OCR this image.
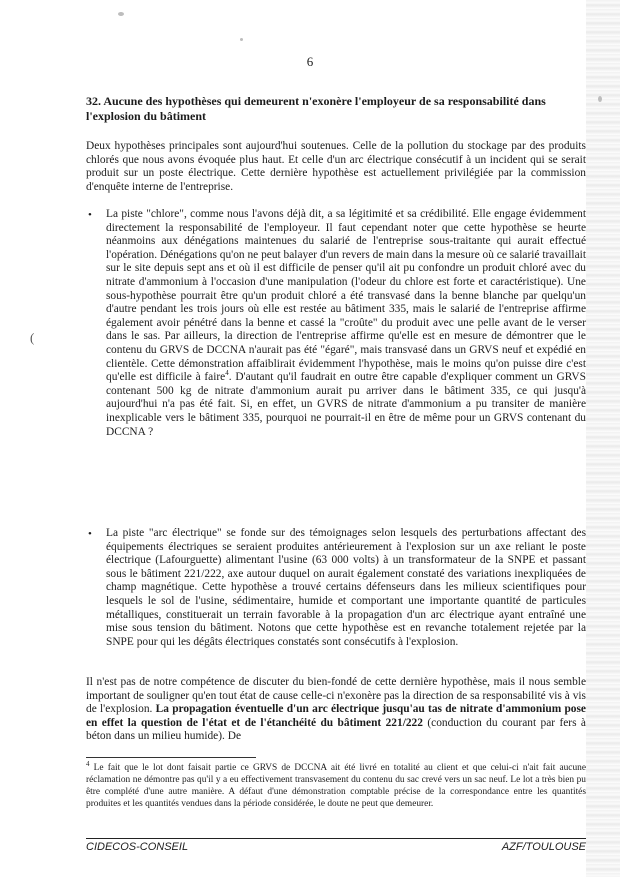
6
32. Aucune des hypothèses qui demeurent n'exonère l'employeur de sa responsabilité dans l'explosion du bâtiment
Deux hypothèses principales sont aujourd'hui soutenues. Celle de la pollution du stockage par des produits chlorés que nous avons évoquée plus haut. Et celle d'un arc électrique consécutif à un incident qui se serait produit sur un poste électrique. Cette dernière hypothèse est actuellement privilégiée par la commission d'enquête interne de l'entreprise.
• La piste "chlore", comme nous l'avons déjà dit, a sa légitimité et sa crédibilité. Elle engage évidemment directement la responsabilité de l'employeur. Il faut cependant noter que cette hypothèse se heurte néanmoins aux dénégations maintenues du salarié de l'entreprise sous-traitante qui aurait effectué l'opération. Dénégations qu'on ne peut balayer d'un revers de main dans la mesure où ce salarié travaillait sur le site depuis sept ans et où il est difficile de penser qu'il ait pu confondre un produit chloré avec du nitrate d'ammonium à l'occasion d'une manipulation (l'odeur du chlore est forte et caractéristique). Une sous-hypothèse pourrait être qu'un produit chloré a été transvasé dans la benne blanche par quelqu'un d'autre pendant les trois jours où elle est restée au bâtiment 335, mais le salarié de l'entreprise affirme également avoir pénétré dans la benne et cassé la "croûte" du produit avec une pelle avant de le verser dans le sas. Par ailleurs, la direction de l'entreprise affirme qu'elle est en mesure de démontrer que le contenu du GRVS de DCCNA n'aurait pas été "égaré", mais transvasé dans un GRVS neuf et expédié en clientèle. Cette démonstration affaiblirait évidemment l'hypothèse, mais le moins qu'on puisse dire c'est qu'elle est difficile à faire$^4$. D'autant qu'il faudrait en outre être capable d'expliquer comment un GRVS contenant 500 kg de nitrate d'ammonium aurait pu arriver dans le bâtiment 335, ce qui jusqu'à aujourd'hui n'a pas été fait. Si, en effet, un GVRS de nitrate d'ammonium a pu transiter de manière inexplicable vers le bâtiment 335, pourquoi ne pourrait-il en être de même pour un GRVS contenant du DCCNA ?
• La piste "arc électrique" se fonde sur des témoignages selon lesquels des perturbations affectant des équipements électriques se seraient produites antérieurement à l'explosion sur un axe reliant le poste électrique (Lafourguette) alimentant l'usine (63 000 volts) à un transformateur de la SNPE et passant sous le bâtiment 221/222, axe autour duquel on aurait également constaté des variations inexpliquées de champ magnétique. Cette hypothèse a trouvé certains défenseurs dans les milieux scientifiques pour lesquels le sol de l'usine, sédimentaire, humide et comportant une importante quantité de particules métalliques, constituerait un terrain favorable à la propagation d'un arc électrique ayant entraîné une mise sous tension du bâtiment. Notons que cette hypothèse est en revanche totalement rejetée par la SNPE pour qui les dégâts électriques constatés sont consécutifs à l'explosion.
Il n'est pas de notre compétence de discuter du bien-fondé de cette dernière hypothèse, mais il nous semble important de souligner qu'en tout état de cause celle-ci n'exonère pas la direction de sa responsabilité vis à vis de l'explosion. La propagation éventuelle d'un arc électrique jusqu'au tas de nitrate d'ammonium pose en effet la question de l'état et de l'étanchéité du bâtiment 221/222 (conduction du courant par fers à béton dans un milieu humide). De
$^4$ Le fait que le lot dont faisait partie ce GRVS de DCCNA ait été livré en totalité au client et que celui-ci n'ait fait aucune réclamation ne démontre pas qu'il y a eu effectivement transvasement du contenu du sac crevé vers un sac neuf. Le lot a très bien pu être complété d'une autre manière. A défaut d'une démonstration comptable précise de la correspondance entre les quantités produites et les quantités vendues dans la période considérée, le doute ne peut que demeurer.
CIDECOS-CONSEIL	AZF/TOULOUSE
(
